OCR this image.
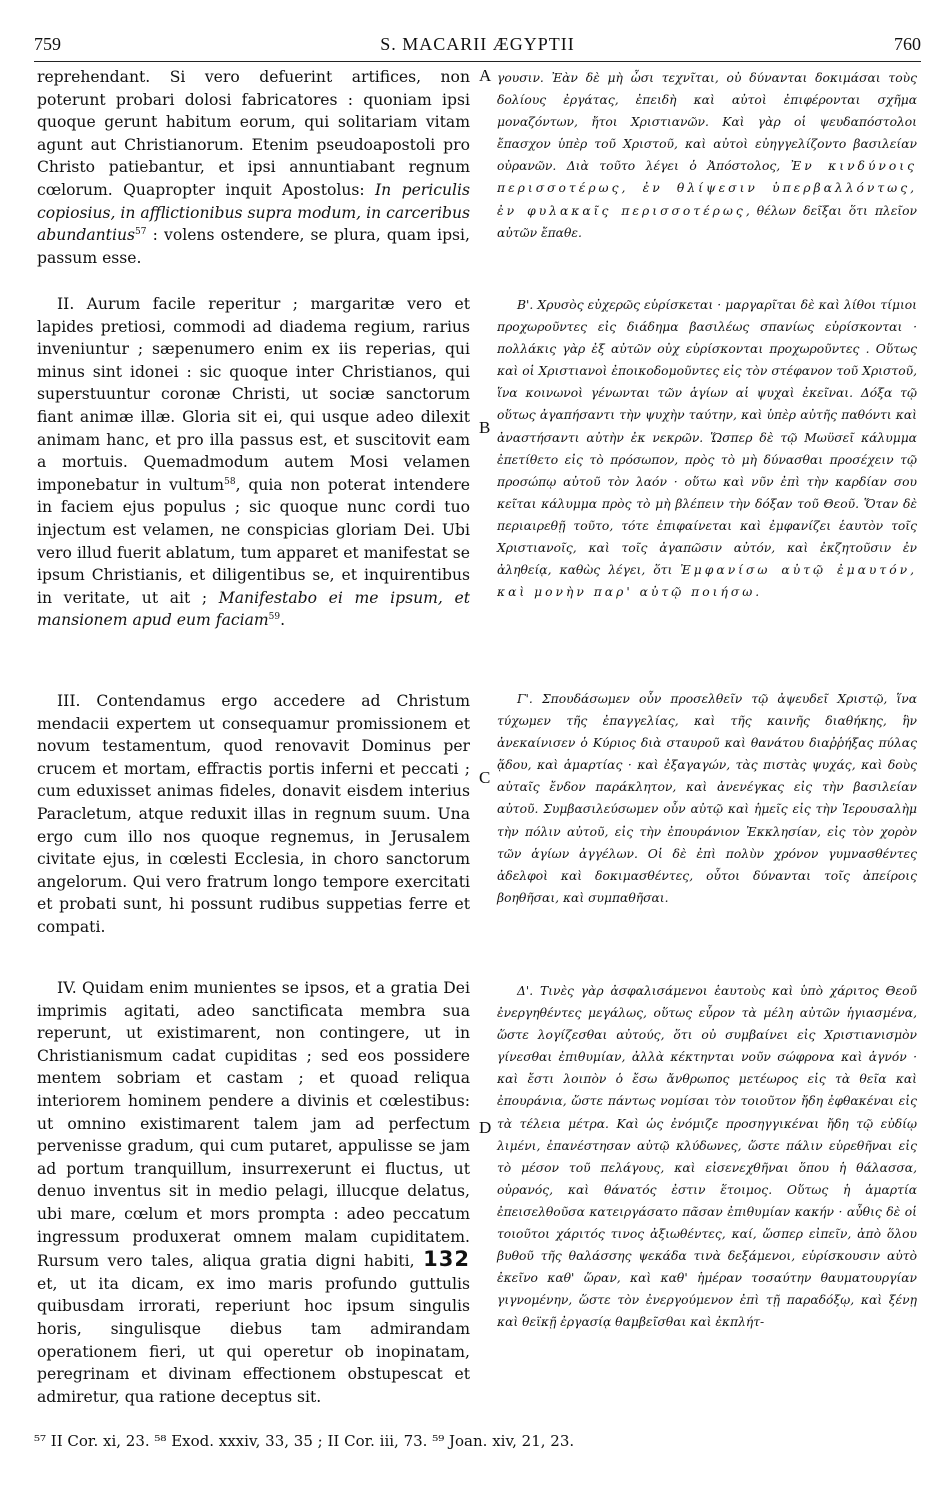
759	S. MACARII ÆGYPTII	760

reprehendant. Si vero defuerint artifices, non poterunt probari dolosi fabricatores : quoniam ipsi quoque gerunt habitum eorum, qui solitariam vitam agunt aut Christianorum. Etenim pseudoapostoli pro Christo patiebantur, et ipsi annuntiabant regnum cœlorum. Quapropter inquit Apostolus: In periculis copiosius, in afflictionibus supra modum, in carceribus abundantius$^{57}$ : volens ostendere, se plura, quam ipsi, passum esse.

II. Aurum facile reperitur ; margaritæ vero et lapides pretiosi, commodi ad diadema regium, rarius inveniuntur ; sæpenumero enim ex iis reperias, qui minus sint idonei : sic quoque inter Christianos, qui superstuuntur coronæ Christi, ut sociæ sanctorum fiant animæ illæ. Gloria sit ei, qui usque adeo dilexit animam hanc, et pro illa passus est, et suscitovit eam a mortuis. Quemadmodum autem Mosi velamen imponebatur in vultum$^{58}$, quia non poterat intendere in faciem ejus populus ; sic quoque nunc cordi tuo injectum est velamen, ne conspicias gloriam Dei. Ubi vero illud fuerit ablatum, tum apparet et manifestat se ipsum Christianis, et diligentibus se, et inquirentibus in veritate, ut ait ; Manifestabo ei me ipsum, et mansionem apud eum faciam$^{59}$.

III. Contendamus ergo accedere ad Christum mendacii expertem ut consequamur promissionem et novum testamentum, quod renovavit Dominus per crucem et mortam, effractis portis inferni et peccati ; cum eduxisset animas fideles, donavit eisdem interius Paracletum, atque reduxit illas in regnum suum. Una ergo cum illo nos quoque regnemus, in Jerusalem civitate ejus, in cœlesti Ecclesia, in choro sanctorum angelorum. Qui vero fratrum longo tempore exercitati et probati sunt, hi possunt rudibus suppetias ferre et compati.

IV. Quidam enim munientes se ipsos, et a gratia Dei imprimis agitati, adeo sanctificata membra sua reperunt, ut existimarent, non contingere, ut in Christianismum cadat cupiditas ; sed eos possidere mentem sobriam et castam ; et quoad reliqua interiorem hominem pendere a divinis et cœlestibus: ut omnino existimarent talem jam ad perfectum pervenisse gradum, qui cum putaret, appulisse se jam ad portum tranquillum, insurrexerunt ei fluctus, ut denuo inventus sit in medio pelagi, illucque delatus, ubi mare, cœlum et mors prompta : adeo peccatum ingressum produxerat omnem malam cupiditatem. Rursum vero tales, aliqua gratia digni habiti, 132 et, ut ita dicam, ex imo maris profundo guttulis quibusdam irrorati, reperiunt hoc ipsum singulis horis, singulisque diebus tam admirandam operationem fieri, ut qui operetur ob inopinatam, peregrinam et divinam effectionem obstupescat et admiretur, qua ratione deceptus sit.

A
B
C
D

γουσιν. Ἐὰν δὲ μὴ ὦσι τεχνῖται, οὐ δύνανται δοκιμάσαι τοὺς δολίους ἐργάτας, ἐπειδὴ καὶ αὐτοὶ ἐπιφέρονται σχῆμα μοναζόντων, ἤτοι Χριστιανῶν. Καὶ γὰρ οἱ ψευδαπόστολοι ἔπασχον ὑπὲρ τοῦ Χριστοῦ, καὶ αὐτοὶ εὐηγγελίζοντο βασιλείαν οὐρανῶν. Διὰ τοῦτο λέγει ὁ Ἀπόστολος, Ἐν κινδύνοις περισσοτέρως, ἐν θλίψεσιν ὑπερβαλλόντως, ἐν φυλακαῖς περισσοτέρως, θέλων δεῖξαι ὅτι πλεῖον αὐτῶν ἔπαθε.

Β'. Χρυσὸς εὐχερῶς εὑρίσκεται · μαργαρῖται δὲ καὶ λίθοι τίμιοι προχωροῦντες εἰς διάδημα βασιλέως σπανίως εὑρίσκονται · πολλάκις γὰρ ἐξ αὐτῶν οὐχ εὑρίσκονται προχωροῦντες . Οὕτως καὶ οἱ Χριστιανοὶ ἐποικοδομοῦντες εἰς τὸν στέφανον τοῦ Χριστοῦ, ἵνα κοινωνοὶ γένωνται τῶν ἁγίων αἱ ψυχαὶ ἐκεῖναι. Δόξα τῷ οὕτως ἀγαπήσαντι τὴν ψυχὴν ταύτην, καὶ ὑπὲρ αὐτῆς παθόντι καὶ ἀναστήσαντι αὐτὴν ἐκ νεκρῶν. Ὥσπερ δὲ τῷ Μωϋσεῖ κάλυμμα ἐπετίθετο εἰς τὸ πρόσωπον, πρὸς τὸ μὴ δύνασθαι προσέχειν τῷ προσώπῳ αὐτοῦ τὸν λαόν · οὕτω καὶ νῦν ἐπὶ τὴν καρδίαν σου κεῖται κάλυμμα πρὸς τὸ μὴ βλέπειν τὴν δόξαν τοῦ Θεοῦ. Ὅταν δὲ περιαιρεθῇ τοῦτο, τότε ἐπιφαίνεται καὶ ἐμφανίζει ἑαυτὸν τοῖς Χριστιανοῖς, καὶ τοῖς ἀγαπῶσιν αὐτόν, καὶ ἐκζητοῦσιν ἐν ἀληθείᾳ, καθὼς λέγει, ὅτι Ἐμφανίσω αὐτῷ ἐμαυτόν, καὶ μονὴν παρ' αὐτῷ ποιήσω.

Γ'. Σπουδάσωμεν οὖν προσελθεῖν τῷ ἀψευδεῖ Χριστῷ, ἵνα τύχωμεν τῆς ἐπαγγελίας, καὶ τῆς καινῆς διαθήκης, ἣν ἀνεκαίνισεν ὁ Κύριος διὰ σταυροῦ καὶ θανάτου διαῤῥήξας πύλας ᾅδου, καὶ ἁμαρτίας · καὶ ἐξαγαγών, τὰς πιστὰς ψυχάς, καὶ δοὺς αὐταῖς ἔνδον παράκλητον, καὶ ἀνενέγκας εἰς τὴν βασιλείαν αὐτοῦ. Συμβασιλεύσωμεν οὖν αὐτῷ καὶ ἡμεῖς εἰς τὴν Ἱερουσαλὴμ τὴν πόλιν αὐτοῦ, εἰς τὴν ἐπουράνιον Ἐκκλησίαν, εἰς τὸν χορὸν τῶν ἁγίων ἀγγέλων. Οἱ δὲ ἐπὶ πολὺν χρόνον γυμνασθέντες ἀδελφοὶ καὶ δοκιμασθέντες, οὗτοι δύνανται τοῖς ἀπείροις βοηθῆσαι, καὶ συμπαθῆσαι.

Δ'. Τινὲς γὰρ ἀσφαλισάμενοι ἑαυτοὺς καὶ ὑπὸ χάριτος Θεοῦ ἐνεργηθέντες μεγάλως, οὕτως εὗρον τὰ μέλη αὐτῶν ἡγιασμένα, ὥστε λογίζεσθαι αὐτούς, ὅτι οὐ συμβαίνει εἰς Χριστιανισμὸν γίνεσθαι ἐπιθυμίαν, ἀλλὰ κέκτηνται νοῦν σώφρονα καὶ ἁγνόν · καὶ ἔστι λοιπὸν ὁ ἔσω ἄνθρωπος μετέωρος εἰς τὰ θεῖα καὶ ἐπουράνια, ὥστε πάντως νομίσαι τὸν τοιοῦτον ἤδη ἐφθακέναι εἰς τὰ τέλεια μέτρα. Καὶ ὡς ἐνόμιζε προσηγγικέναι ἤδη τῷ εὐδίῳ λιμένι, ἐπανέστησαν αὐτῷ κλύδωνες, ὥστε πάλιν εὑρεθῆναι εἰς τὸ μέσον τοῦ πελάγους, καὶ εἰσενεχθῆναι ὅπου ἡ θάλασσα, οὐρανός, καὶ θάνατός ἐστιν ἕτοιμος. Οὕτως ἡ ἁμαρτία ἐπεισελθοῦσα κατειργάσατο πᾶσαν ἐπιθυμίαν κακήν · αὖθις δὲ οἱ τοιοῦτοι χάριτός τινος ἀξιωθέντες, καί, ὥσπερ εἰπεῖν, ἀπὸ ὅλου βυθοῦ τῆς θαλάσσης ψεκάδα τινὰ δεξάμενοι, εὑρίσκουσιν αὐτὸ ἐκεῖνο καθ' ὥραν, καὶ καθ' ἡμέραν τοσαύτην θαυματουργίαν γιγνομένην, ὥστε τὸν ἐνεργούμενον ἐπὶ τῇ παραδόξῳ, καὶ ξένῃ καὶ θεϊκῇ ἐργασίᾳ θαμβεῖσθαι καὶ ἐκπλήτ-

⁵⁷ II Cor. xi, 23. ⁵⁸ Exod. xxxiv, 33, 35 ; II Cor. iii, 73. ⁵⁹ Joan. xiv, 21, 23.
